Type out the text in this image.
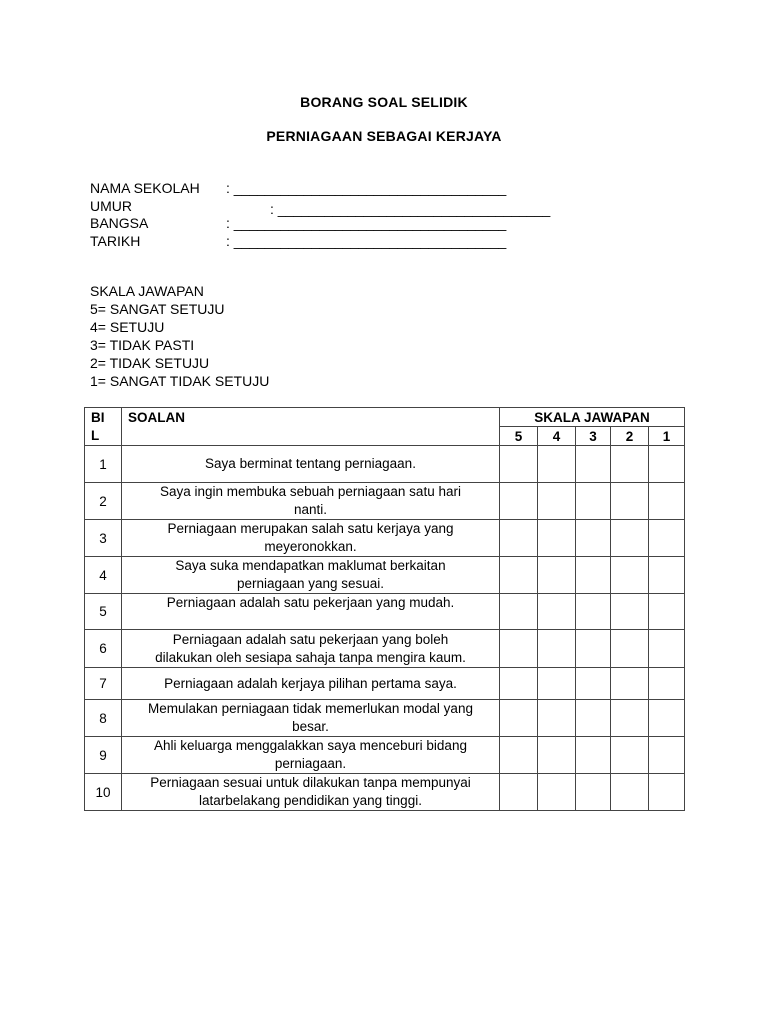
BORANG SOAL SELIDIK
PERNIAGAAN SEBAGAI KERJAYA
NAMA SEKOLAH : ___________________________________
UMUR	: ___________________________________
BANGSA	: ___________________________________
TARIKH	: ___________________________________
SKALA JAWAPAN
5= SANGAT SETUJU
4= SETUJU
3= TIDAK PASTI
2= TIDAK SETUJU
1= SANGAT TIDAK SETUJU
BI
L	SOALAN	SKALA JAWAPAN				
		5	4	3	2	1
1	Saya berminat tentang perniagaan.					

2	Saya ingin membuka sebuah perniagaan satu hari
nanti.					

3	Perniagaan merupakan salah satu kerjaya yang
meyeronokkan.					

4	Saya suka mendapatkan maklumat berkaitan
perniagaan yang sesuai.					

5	Perniagaan adalah satu pekerjaan yang mudah.					

6	Perniagaan adalah satu pekerjaan yang boleh
dilakukan oleh sesiapa sahaja tanpa mengira kaum.					

7	Perniagaan adalah kerjaya pilihan pertama saya.					

8	Memulakan perniagaan tidak memerlukan modal yang
besar.					

9	Ahli keluarga menggalakkan saya menceburi bidang
perniagaan.					

10	Perniagaan sesuai untuk dilakukan tanpa mempunyai
latarbelakang pendidikan yang tinggi.					
